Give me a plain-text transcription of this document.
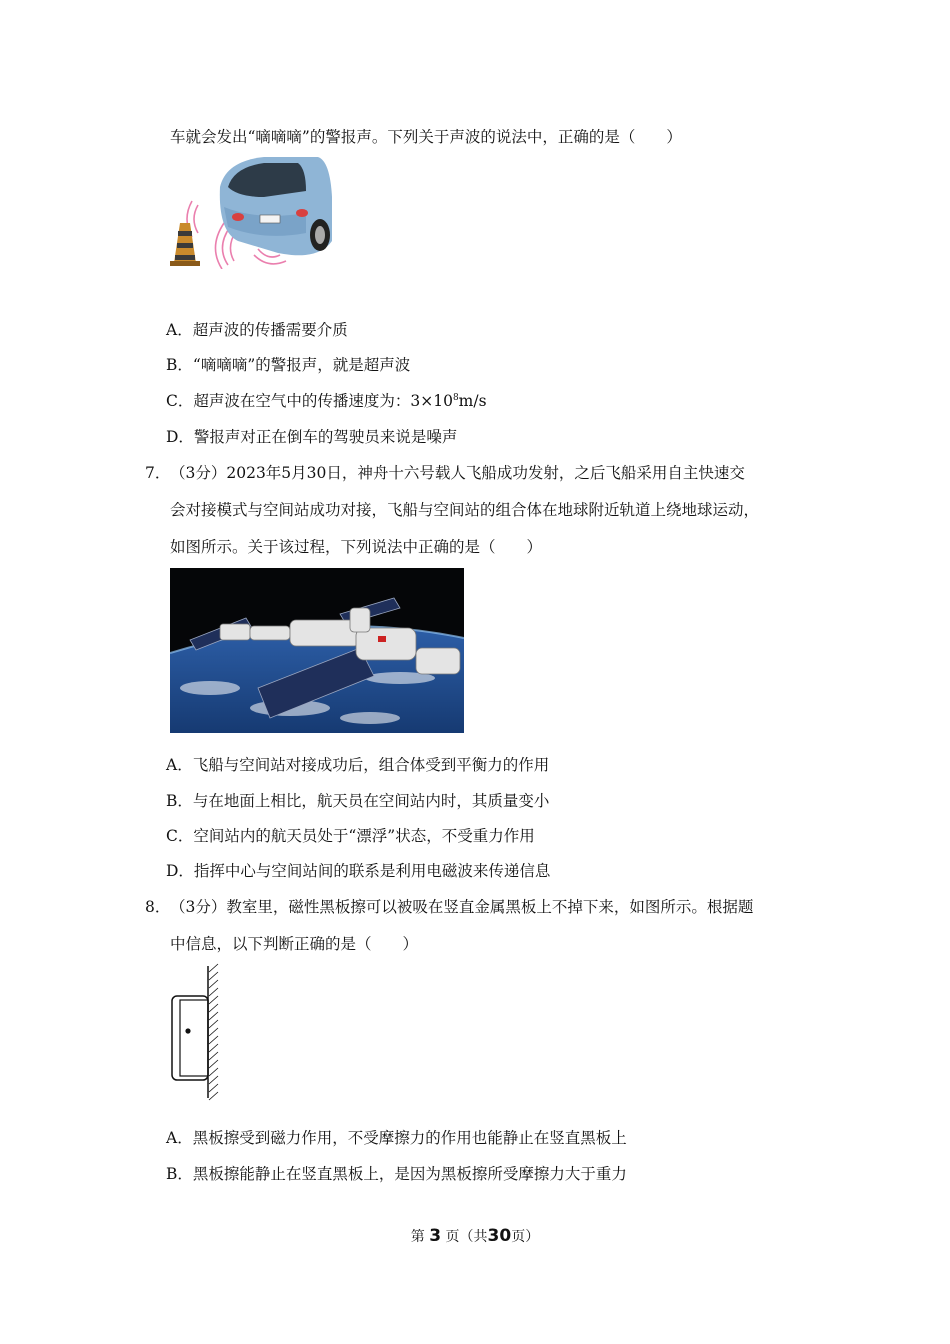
车就会发出“嘀嘀嘀”的警报声。下列关于声波的说法中，正确的是（　　）
A．超声波的传播需要介质
B．“嘀嘀嘀”的警报声，就是超声波
C．超声波在空气中的传播速度为：$3\times 10^8m/s$
D．警报声对正在倒车的驾驶员来说是噪声
7． （3分）2023年5月30日，神舟十六号载人飞船成功发射，之后飞船采用自主快速交
会对接模式与空间站成功对接，飞船与空间站的组合体在地球附近轨道上绕地球运动，
如图所示。关于该过程，下列说法中正确的是（　　）
A．飞船与空间站对接成功后，组合体受到平衡力的作用
B．与在地面上相比，航天员在空间站内时，其质量变小
C．空间站内的航天员处于“漂浮”状态，不受重力作用
D．指挥中心与空间站间的联系是利用电磁波来传递信息
8． （3分）教室里，磁性黑板擦可以被吸在竖直金属黑板上不掉下来，如图所示。根据题
中信息，以下判断正确的是（　　）
A．黑板擦受到磁力作用，不受摩擦力的作用也能静止在竖直黑板上
B．黑板擦能静止在竖直黑板上，是因为黑板擦所受摩擦力大于重力
第 3 页（共30页）
